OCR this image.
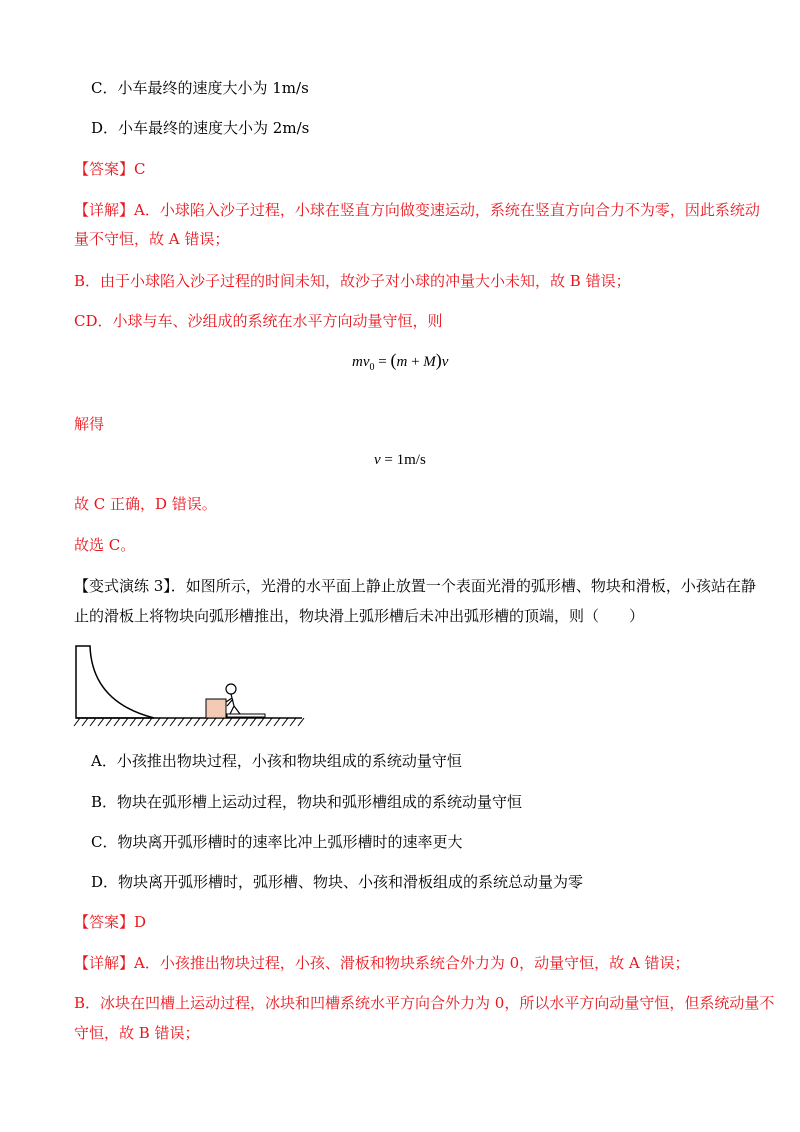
C．小车最终的速度大小为 1m/s
D．小车最终的速度大小为 2m/s
【答案】C
【详解】A．小球陷入沙子过程，小球在竖直方向做变速运动，系统在竖直方向合力不为零，因此系统动
量不守恒，故 A 错误；
B．由于小球陷入沙子过程的时间未知，故沙子对小球的冲量大小未知，故 B 错误；
CD．小球与车、沙组成的系统在水平方向动量守恒，则
$mv_0 = (m + M)v$
解得
v = 1m/s
故 C 正确，D 错误。
故选 C。
【变式演练 3】．如图所示，光滑的水平面上静止放置一个表面光滑的弧形槽、物块和滑板，小孩站在静
止的滑板上将物块向弧形槽推出，物块滑上弧形槽后未冲出弧形槽的顶端，则（　　）
A．小孩推出物块过程，小孩和物块组成的系统动量守恒
B．物块在弧形槽上运动过程，物块和弧形槽组成的系统动量守恒
C．物块离开弧形槽时的速率比冲上弧形槽时的速率更大
D．物块离开弧形槽时，弧形槽、物块、小孩和滑板组成的系统总动量为零
【答案】D
【详解】A．小孩推出物块过程，小孩、滑板和物块系统合外力为 0，动量守恒，故 A 错误；
B．冰块在凹槽上运动过程，冰块和凹槽系统水平方向合外力为 0，所以水平方向动量守恒，但系统动量不
守恒，故 B 错误；
